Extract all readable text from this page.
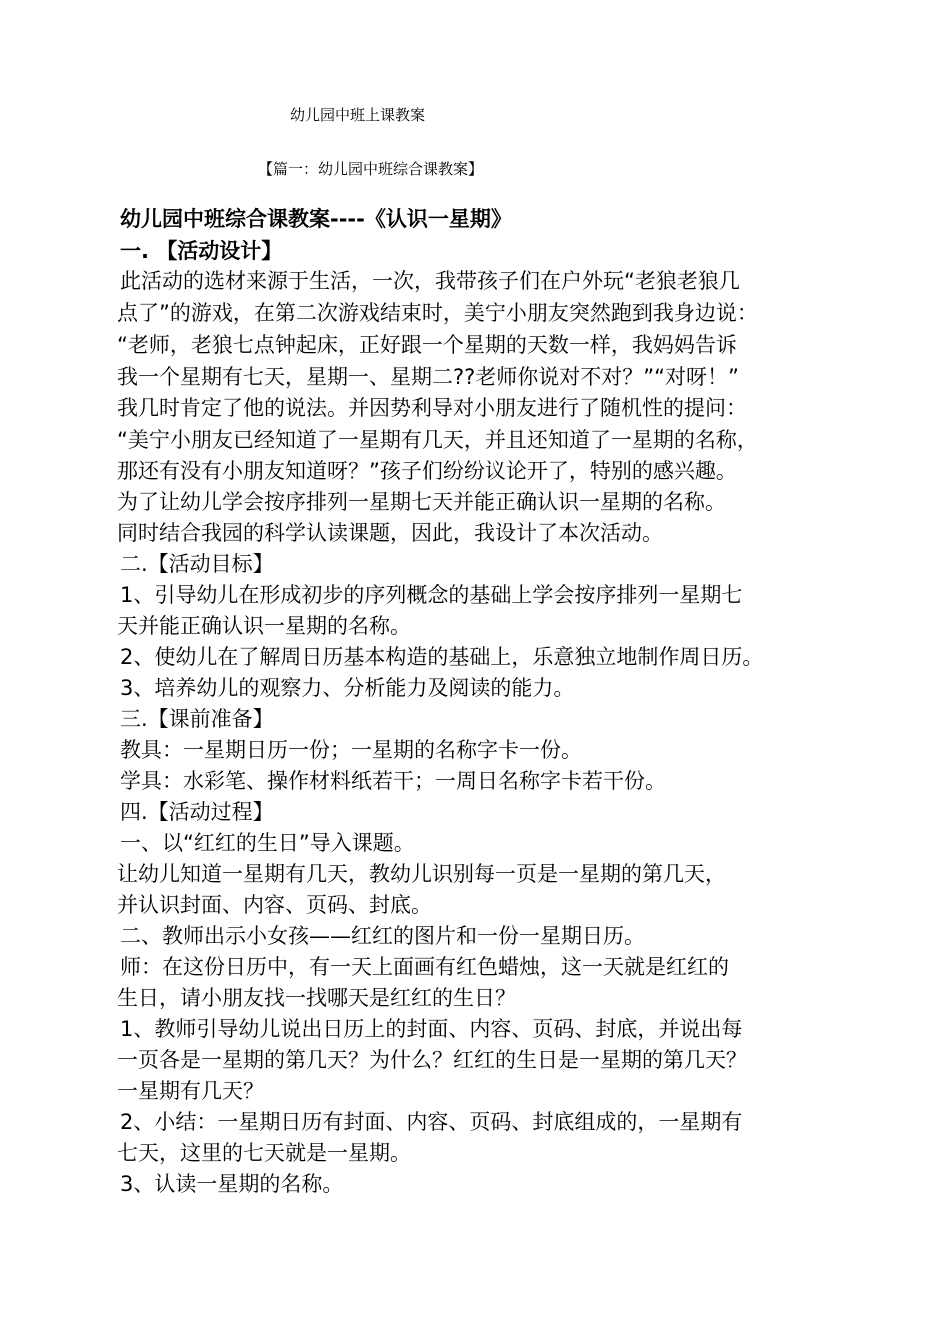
幼儿园中班上课教案
【篇一：幼儿园中班综合课教案】
幼儿园中班综合课教案----《认识一星期》
一. 【活动设计】
此活动的选材来源于生活，一次，我带孩子们在户外玩“老狼老狼几
点了”的游戏，在第二次游戏结束时，美宁小朋友突然跑到我身边说：
“老师，老狼七点钟起床，正好跟一个星期的天数一样，我妈妈告诉
我一个星期有七天，星期一、星期二??老师你说对不对？”“对呀！”
我几时肯定了他的说法。并因势利导对小朋友进行了随机性的提问：
“美宁小朋友已经知道了一星期有几天，并且还知道了一星期的名称，
那还有没有小朋友知道呀？”孩子们纷纷议论开了，特别的感兴趣。
为了让幼儿学会按序排列一星期七天并能正确认识一星期的名称。
同时结合我园的科学认读课题，因此，我设计了本次活动。
二.【活动目标】
1、引导幼儿在形成初步的序列概念的基础上学会按序排列一星期七
天并能正确认识一星期的名称。
2、使幼儿在了解周日历基本构造的基础上，乐意独立地制作周日历。
3、培养幼儿的观察力、分析能力及阅读的能力。
三.【课前准备】
教具：一星期日历一份；一星期的名称字卡一份。
学具：水彩笔、操作材料纸若干；一周日名称字卡若干份。
四.【活动过程】
一、以“红红的生日”导入课题。
让幼儿知道一星期有几天，教幼儿识别每一页是一星期的第几天，
并认识封面、内容、页码、封底。
二、教师出示小女孩——红红的图片和一份一星期日历。
师：在这份日历中，有一天上面画有红色蜡烛，这一天就是红红的
生日，请小朋友找一找哪天是红红的生日？
1、教师引导幼儿说出日历上的封面、内容、页码、封底，并说出每
一页各是一星期的第几天？为什么？红红的生日是一星期的第几天？
一星期有几天？
2、小结：一星期日历有封面、内容、页码、封底组成的，一星期有
七天，这里的七天就是一星期。
3、认读一星期的名称。
